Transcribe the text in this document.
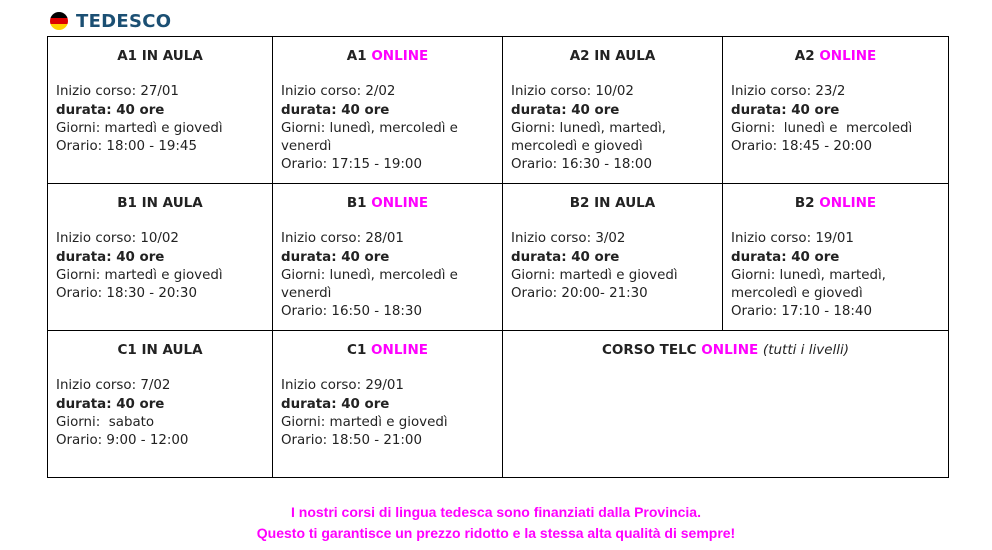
TEDESCO
A1 IN AULA
Inizio corso: 27/01
durata: 40 ore
Giorni: martedì e giovedì
Orario: 18:00 - 19:45	A1 ONLINE
Inizio corso: 2/02
durata: 40 ore
Giorni: lunedì, mercoledì e venerdì
Orario: 17:15 - 19:00	A2 IN AULA
Inizio corso: 10/02
durata: 40 ore
Giorni: lunedì, martedì, mercoledì e giovedì
Orario: 16:30 - 18:00	A2 ONLINE
Inizio corso: 23/2
durata: 40 ore
Giorni:  lunedì e  mercoledì
Orario: 18:45 - 20:00

B1 IN AULA
Inizio corso: 10/02
durata: 40 ore
Giorni: martedì e giovedì
Orario: 18:30 - 20:30	B1 ONLINE
Inizio corso: 28/01
durata: 40 ore
Giorni: lunedì, mercoledì e venerdì
Orario: 16:50 - 18:30	B2 IN AULA
Inizio corso: 3/02
durata: 40 ore
Giorni: martedì e giovedì
Orario: 20:00- 21:30	B2 ONLINE
Inizio corso: 19/01
durata: 40 ore
Giorni: lunedì, martedì, mercoledì e giovedì
Orario: 17:10 - 18:40

C1 IN AULA
Inizio corso: 7/02
durata: 40 ore
Giorni:  sabato
Orario: 9:00 - 12:00	C1 ONLINE
Inizio corso: 29/01
durata: 40 ore
Giorni: martedì e giovedì
Orario: 18:50 - 21:00	CORSO TELC ONLINE (tutti i livelli)	
I nostri corsi di lingua tedesca sono finanziati dalla Provincia.
Questo ti garantisce un prezzo ridotto e la stessa alta qualità di sempre!
